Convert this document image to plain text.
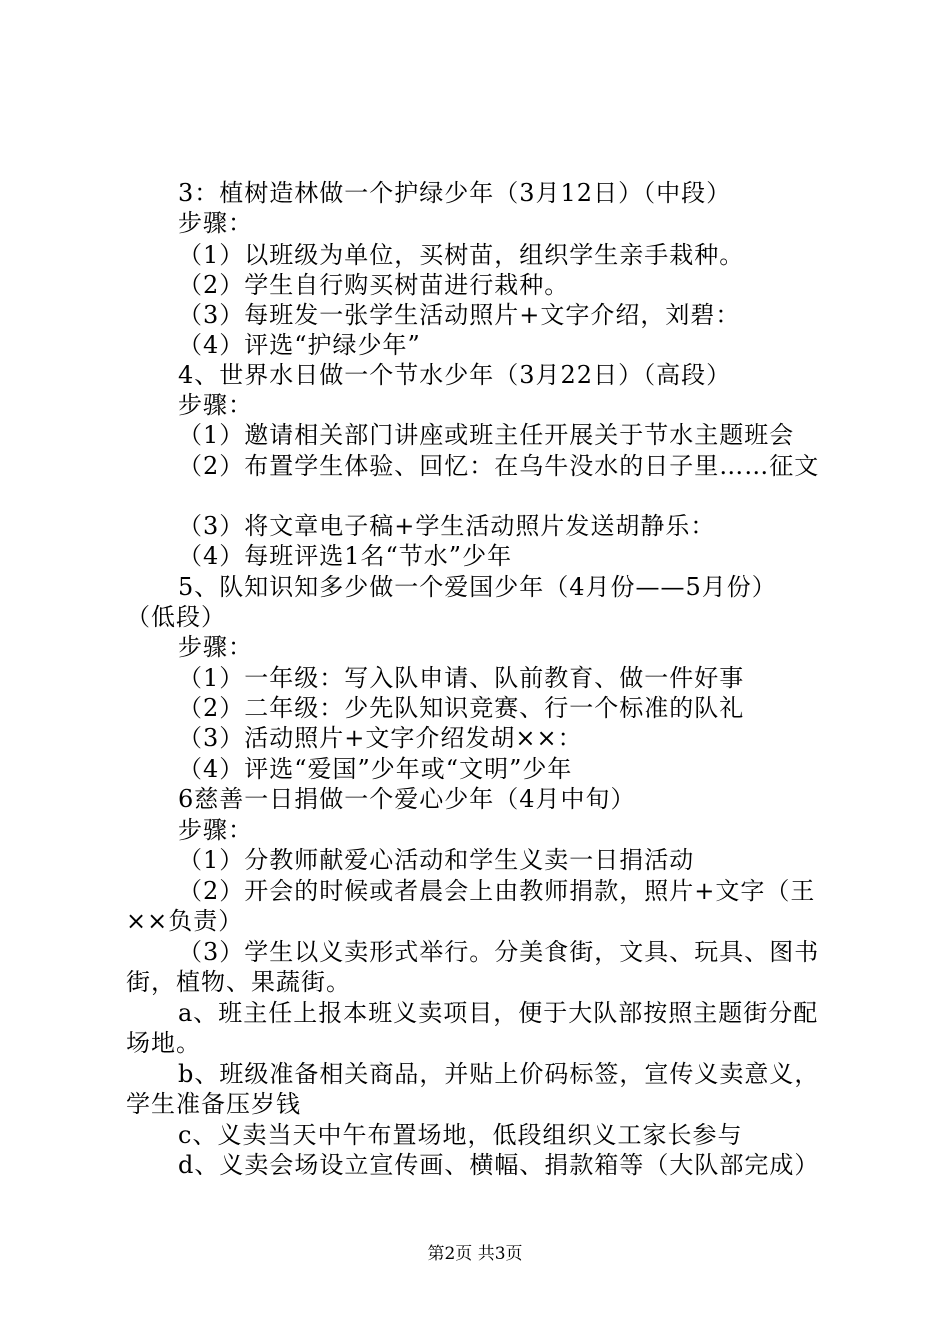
3：植树造林做一个护绿少年（3月12日）（中段）
步骤：
（1）以班级为单位，买树苗，组织学生亲手栽种。
（2）学生自行购买树苗进行栽种。
（3）每班发一张学生活动照片+文字介绍，刘碧：
（4）评选“护绿少年”
4、世界水日做一个节水少年（3月22日）（高段）
步骤：
（1）邀请相关部门讲座或班主任开展关于节水主题班会
（2）布置学生体验、回忆：在乌牛没水的日子里……征文
（3）将文章电子稿+学生活动照片发送胡静乐：
（4）每班评选1名“节水”少年
5、队知识知多少做一个爱国少年（4月份——5月份）
（低段）
步骤：
（1）一年级：写入队申请、队前教育、做一件好事
（2）二年级：少先队知识竞赛、行一个标准的队礼
（3）活动照片+文字介绍发胡××：
（4）评选“爱国”少年或“文明”少年
6慈善一日捐做一个爱心少年（4月中旬）
步骤：
（1）分教师献爱心活动和学生义卖一日捐活动
（2）开会的时候或者晨会上由教师捐款，照片+文字（王
××负责）
（3）学生以义卖形式举行。分美食街，文具、玩具、图书
街，植物、果蔬街。
a、班主任上报本班义卖项目，便于大队部按照主题街分配
场地。
b、班级准备相关商品，并贴上价码标签，宣传义卖意义，
学生准备压岁钱
c、义卖当天中午布置场地，低段组织义工家长参与
d、义卖会场设立宣传画、横幅、捐款箱等（大队部完成）
第2页 共3页
